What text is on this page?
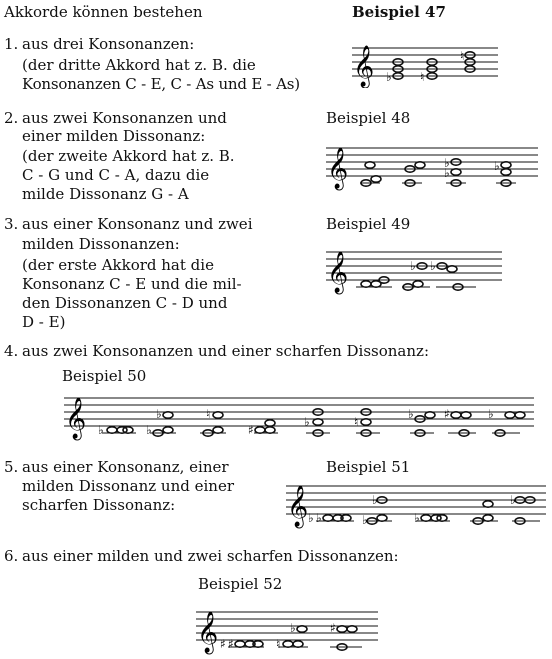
Akkorde können bestehen
1. aus drei Konsonanzen:
(der dritte Akkord hat z. B. die
Konsonanzen C - E, C - As und E - As)
2. aus zwei Konsonanzen und
einer milden Dissonanz:
(der zweite Akkord hat z. B.
C - G und C - A, dazu die
milde Dissonanz G - A
3. aus einer Konsonanz und zwei
milden Dissonanzen:
(der erste Akkord hat die
Konsonanz C - E und die mil-
den Dissonanzen C - D und
D - E)
4. aus zwei Konsonanzen und einer scharfen Dissonanz:
5. aus einer Konsonanz, einer
milden Dissonanz und einer
scharfen Dissonanz:
6. aus einer milden und zwei scharfen Dissonanzen:
Beispiel 47
Beispiel 48
Beispiel 49
Beispiel 50
Beispiel 51
Beispiel 52
𝄞 ♭ ♮
♮
𝄞	♭
♭	♭
𝄞	♭ ♭
𝄞 ♭	♭
♭	♮
♯
♭	♮
♭	♯	♭
𝄞 ♭ ♭	♭
♭
♭
♭
𝄞 ♯ ♯	♮
♭	♯
